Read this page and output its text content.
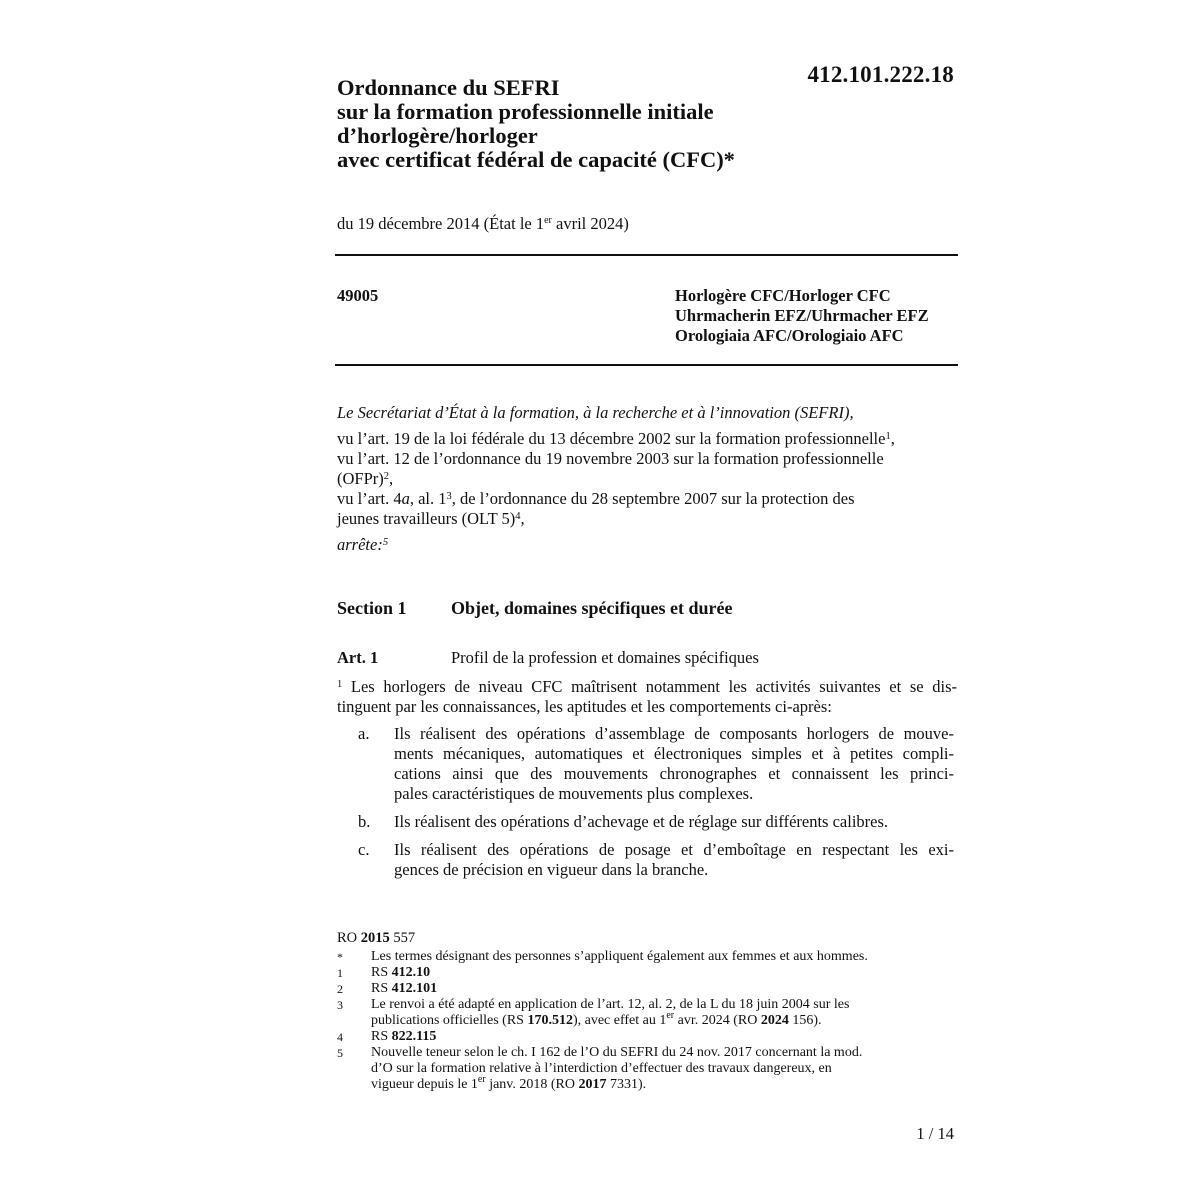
412.101.222.18
Ordonnance du SEFRI
sur la formation professionnelle initiale
d’horlogère/horloger
avec certificat fédéral de capacité (CFC)*
du 19 décembre 2014 (État le 1er avril 2024)
49005	Horlogère CFC/Horloger CFC
Uhrmacherin EFZ/Uhrmacher EFZ
Orologiaia AFC/Orologiaio AFC
Le Secrétariat d’État à la formation, à la recherche et à l’innovation (SEFRI),
vu l’art. 19 de la loi fédérale du 13 décembre 2002 sur la formation professionnelle$^1$,
vu l’art. 12 de l’ordonnance du 19 novembre 2003 sur la formation professionnelle
(OFPr)$^2$,
vu l’art. 4a, al. 1$^3$, de l’ordonnance du 28 septembre 2007 sur la protection des
jeunes travailleurs (OLT 5)$^4$,
arrête:$^5$
Section 1 Objet, domaines spécifiques et durée
Art. 1	Profil de la profession et domaines spécifiques
$^1$ Les horlogers de niveau CFC maîtrisent notamment les activités suivantes et se dis-
tinguent par les connaissances, les aptitudes et les comportements ci-après:
a. Ils réalisent des opérations d’assemblage de composants horlogers de mouve-
ments mécaniques, automatiques et électroniques simples et à petites compli-
cations ainsi que des mouvements chronographes et connaissent les princi-
pales caractéristiques de mouvements plus complexes.
b. Ils réalisent des opérations d’achevage et de réglage sur différents calibres.
c. Ils réalisent des opérations de posage et d’emboîtage en respectant les exi-
gences de précision en vigueur dans la branche.
RO 2015 557
* Les termes désignant des personnes s’appliquent également aux femmes et aux hommes.
1 RS 412.10
2 RS 412.101
3 Le renvoi a été adapté en application de l’art. 12, al. 2, de la L du 18 juin 2004 sur les
publications officielles (RS 170.512), avec effet au 1er avr. 2024 (RO 2024 156).
4 RS 822.115
5 Nouvelle teneur selon le ch. I 162 de l’O du SEFRI du 24 nov. 2017 concernant la mod.
d’O sur la formation relative à l’interdiction d’effectuer des travaux dangereux, en
vigueur depuis le 1er janv. 2018 (RO 2017 7331).
1 / 14
